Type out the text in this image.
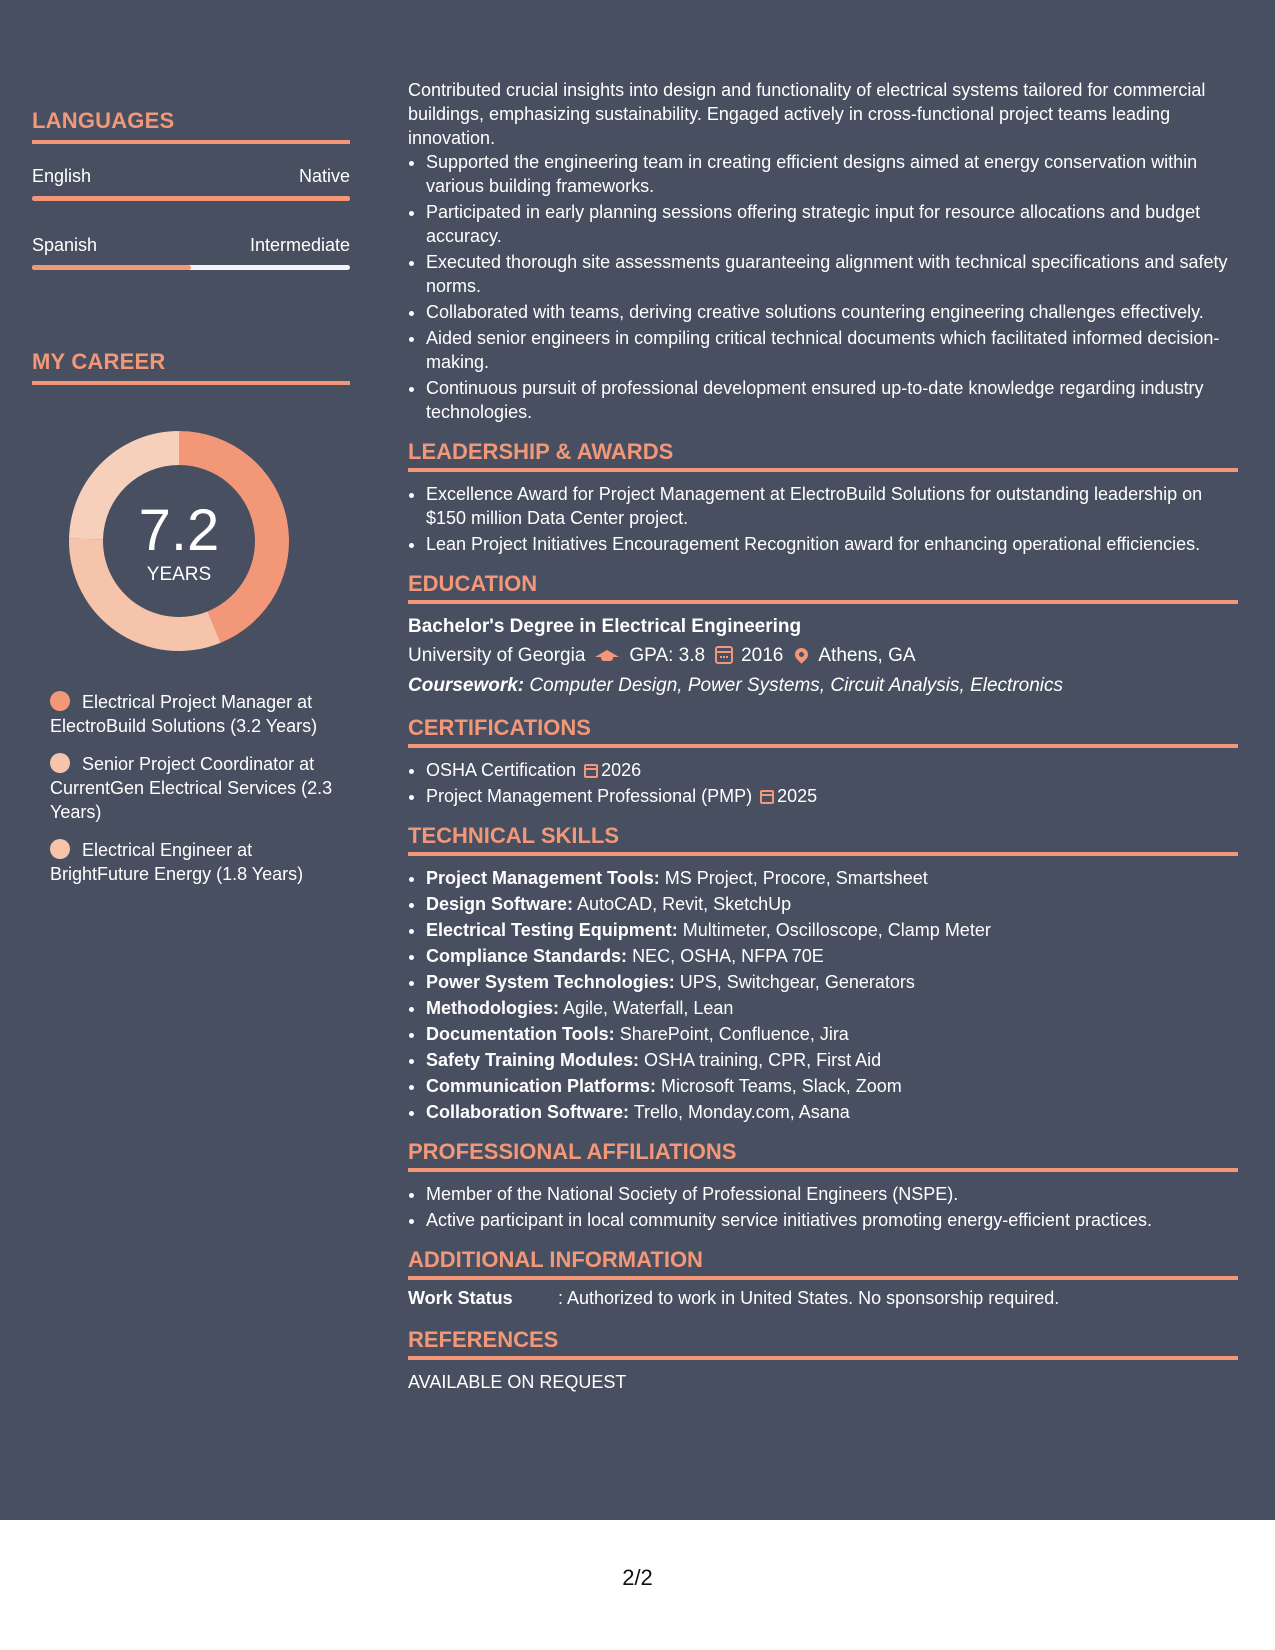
LANGUAGES
English	Native
Spanish	Intermediate
MY CAREER
7.2
YEARS
Electrical Project Manager at ElectroBuild Solutions (3.2 Years)
Senior Project Coordinator at CurrentGen Electrical Services (2.3 Years)
Electrical Engineer at BrightFuture Energy (1.8 Years)

Contributed crucial insights into design and functionality of electrical systems tailored for commercial buildings, emphasizing sustainability. Engaged actively in cross-functional project teams leading innovation.

• Supported the engineering team in creating efficient designs aimed at energy conservation within various building frameworks.
• Participated in early planning sessions offering strategic input for resource allocations and budget accuracy.
• Executed thorough site assessments guaranteeing alignment with technical specifications and safety norms.
• Collaborated with teams, deriving creative solutions countering engineering challenges effectively.
• Aided senior engineers in compiling critical technical documents which facilitated informed decision-making.
• Continuous pursuit of professional development ensured up-to-date knowledge regarding industry technologies.
LEADERSHIP & AWARDS
• Excellence Award for Project Management at ElectroBuild Solutions for outstanding leadership on $150 million Data Center project.
• Lean Project Initiatives Encouragement Recognition award for enhancing operational efficiencies.
EDUCATION
Bachelor's Degree in Electrical Engineering
University of Georgia GPA: 3.8 2016 Athens, GA
Coursework: Computer Design, Power Systems, Circuit Analysis, Electronics
CERTIFICATIONS
• OSHA Certification 2026
• Project Management Professional (PMP) 2025
TECHNICAL SKILLS
• Project Management Tools: MS Project, Procore, Smartsheet
• Design Software: AutoCAD, Revit, SketchUp
• Electrical Testing Equipment: Multimeter, Oscilloscope, Clamp Meter
• Compliance Standards: NEC, OSHA, NFPA 70E
• Power System Technologies: UPS, Switchgear, Generators
• Methodologies: Agile, Waterfall, Lean
• Documentation Tools: SharePoint, Confluence, Jira
• Safety Training Modules: OSHA training, CPR, First Aid
• Communication Platforms: Microsoft Teams, Slack, Zoom
• Collaboration Software: Trello, Monday.com, Asana
PROFESSIONAL AFFILIATIONS
• Member of the National Society of Professional Engineers (NSPE).
• Active participant in local community service initiatives promoting energy-efficient practices.
ADDITIONAL INFORMATION
Work Status	: Authorized to work in United States. No sponsorship required.
REFERENCES
AVAILABLE ON REQUEST
2/2
